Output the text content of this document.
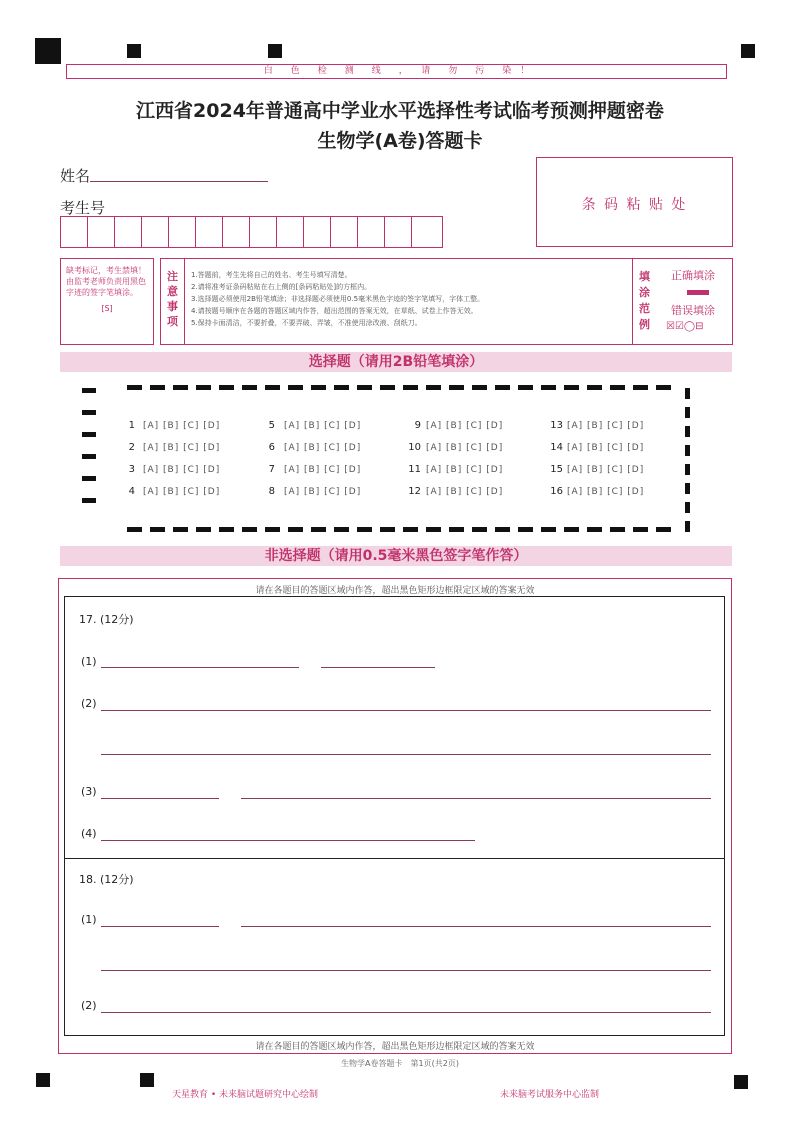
白　　色　　检　　测　　线　　，　　请　　勿　　污　　染　！
江西省2024年普通高中学业水平选择性考试临考预测押题密卷
生物学(A卷)答题卡
姓名
考生号	条 码 粘 贴 处
缺考标记，考生禁填！由监考老师负责用黑色字迹的签字笔填涂。
[S]
注意事项
1.答题前，考生先将自己的姓名、考生号填写清楚。
2.请将准考证条码粘贴在右上侧的[条码粘贴处]的方框内。
3.选择题必须使用2B铅笔填涂；非选择题必须使用0.5毫米黑色字迹的签字笔填写，字体工整。
4.请按题号顺序在各题的答题区域内作答，超出范围的答案无效，在草纸、试卷上作答无效。
5.保持卡面清洁，不要折叠，不要弄破、弄皱，不准使用涂改液、刮纸刀。
填涂范例
正确填涂
错误填涂
☒☑◯⊟
选择题（请用2B铅笔填涂）
1 [A] [B] [C] [D]
2 [A] [B] [C] [D]
3 [A] [B] [C] [D]
4 [A] [B] [C] [D]
5 [A] [B] [C] [D]
6 [A] [B] [C] [D]
7 [A] [B] [C] [D]
8 [A] [B] [C] [D]
9 [A] [B] [C] [D]
10 [A] [B] [C] [D]
11 [A] [B] [C] [D]
12 [A] [B] [C] [D]
13 [A] [B] [C] [D]
14 [A] [B] [C] [D]
15 [A] [B] [C] [D]
16 [A] [B] [C] [D]
非选择题（请用0.5毫米黑色签字笔作答）
请在各题目的答题区域内作答，超出黑色矩形边框限定区域的答案无效
请在各题目的答题区域内作答，超出黑色矩形边框限定区域的答案无效
17. (12分)
(1)
(2)
(3)
(4)
18. (12分)
(1)
(2)
生物学A卷答题卡　第1页(共2页)
天星教育 • 未来脑试题研究中心绘制	未来脑考试服务中心监制
